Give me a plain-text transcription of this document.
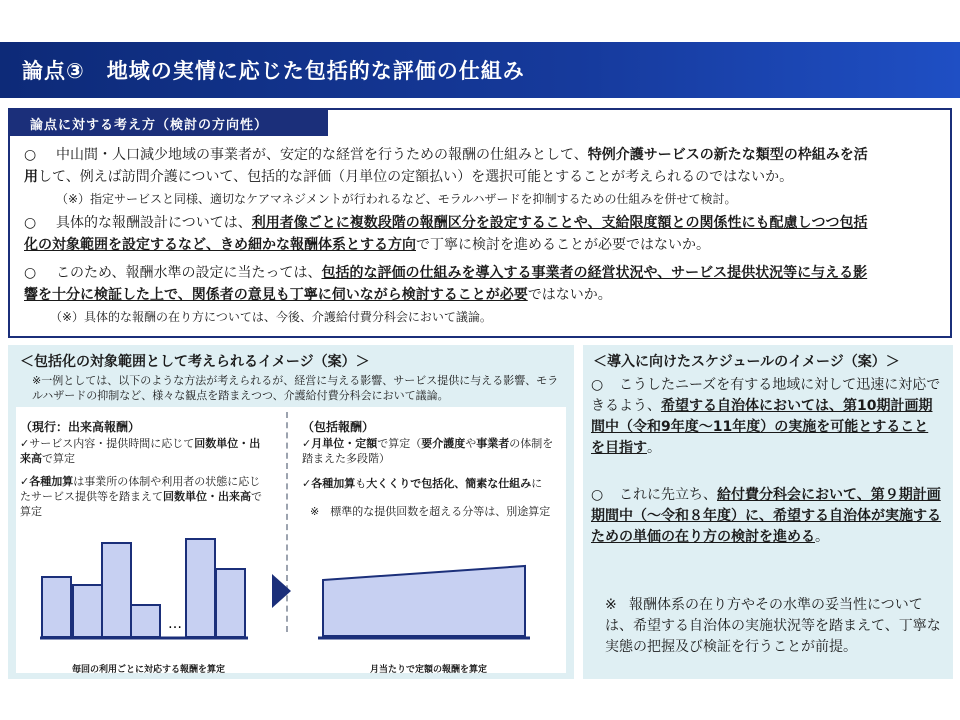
論点③　地域の実情に応じた包括的な評価の仕組み
論点に対する考え方（検討の方向性）
○ 中山間・人口減少地域の事業者が、安定的な経営を行うための報酬の仕組みとして、特例介護サービスの新たな類型の枠組みを活
用して、例えば訪問介護について、包括的な評価（月単位の定額払い）を選択可能とすることが考えられるのではないか。
（※）指定サービスと同様、適切なケアマネジメントが行われるなど、モラルハザードを抑制するための仕組みを併せて検討。
○ 具体的な報酬設計については、利用者像ごとに複数段階の報酬区分を設定することや、支給限度額との関係性にも配慮しつつ包括
化の対象範囲を設定するなど、きめ細かな報酬体系とする方向で丁寧に検討を進めることが必要ではないか。
○ このため、報酬水準の設定に当たっては、包括的な評価の仕組みを導入する事業者の経営状況や、サービス提供状況等に与える影
響を十分に検証した上で、関係者の意見も丁寧に伺いながら検討することが必要ではないか。
（※）具体的な報酬の在り方については、今後、介護給付費分科会において議論。
＜包括化の対象範囲として考えられるイメージ（案）＞
※一例としては、以下のような方法が考えられるが、経営に与える影響、サービス提供に与える影響、モラルハザードの抑制など、様々な観点を踏まえつつ、介護給付費分科会において議論。
（現行：出来高報酬）
✓サービス内容・提供時間に応じて回数単位・出来高で算定
✓各種加算は事業所の体制や利用者の状態に応じたサービス提供等を踏まえて回数単位・出来高で算定
（包括報酬）
✓月単位・定額で算定（要介護度や事業者の体制を踏まえた多段階）
✓各種加算も大くくりで包括化、簡素な仕組みに
※　標準的な提供回数を超える分等は、別途算定
…
毎回の利用ごとに対応する報酬を算定	月当たりで定額の報酬を算定
＜導入に向けたスケジュールのイメージ（案）＞
○ こうしたニーズを有する地域に対して迅速に対応できるよう、希望する自治体においては、第10期計画期間中（令和9年度～11年度）の実施を可能とすることを目指す。
○ これに先立ち、給付費分科会において、第９期計画期間中（～令和８年度）に、希望する自治体が実施するための単価の在り方の検討を進める。
※ 報酬体系の在り方やその水準の妥当性については、希望する自治体の実施状況等を踏まえて、丁寧な実態の把握及び検証を行うことが前提。
